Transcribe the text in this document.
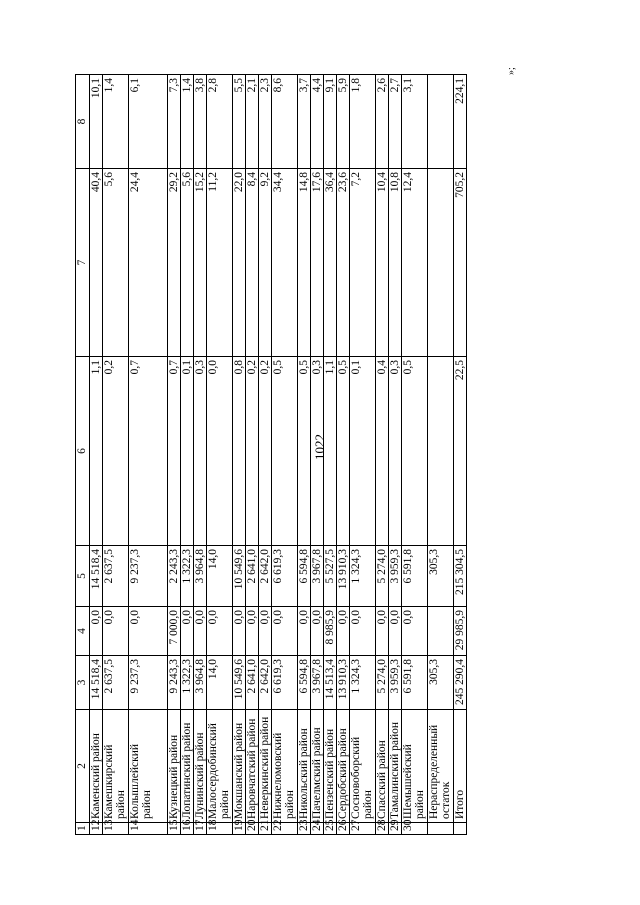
1022
1	2	3	4	5	6	7	8
12	Каменский район	14 518,4	0,0	14 518,4	1,1	40,4	10,1
13	Камешкирский район	2 637,5	0,0	2 637,5	0,2	5,6	1,4
14	Колышлейский район	9 237,3	0,0	9 237,3	0,7	24,4	6,1
15	Кузнецкий район	9 243,3	7 000,0	2 243,3	0,7	29,2	7,3
16	Лопатинский район	1 322,3	0,0	1 322,3	0,1	5,6	1,4
17	Лунинский район	3 964,8	0,0	3 964,8	0,3	15,2	3,8
18	Малосердобинский район	14,0	0,0	14,0	0,0	11,2	2,8
19	Мокшанский район	10 549,6	0,0	10 549,6	0,8	22,0	5,5
20	Наровчатский район	2 641,0	0,0	2 641,0	0,2	8,4	2,1
21	Неверкинский район	2 642,0	0,0	2 642,0	0,2	9,2	2,3
22	Нижнеломовский район	6 619,3	0,0	6 619,3	0,5	34,4	8,6
23	Никольский район	6 594,8	0,0	6 594,8	0,5	14,8	3,7
24	Пачелмский район	3 967,8	0,0	3 967,8	0,3	17,6	4,4
25	Пензенский район	14 513,4	8 985,9	5 527,5	1,1	36,4	9,1
26	Сердобский район	13 910,3	0,0	13 910,3	0,5	23,6	5,9
27	Сосновоборский район	1 324,3	0,0	1 324,3	0,1	7,2	1,8
28	Спасский район	5 274,0	0,0	5 274,0	0,4	10,4	2,6
29	Тамалинский район	3 959,3	0,0	3 959,3	0,3	10,8	2,7
30	Шемышейский район	6 591,8	0,0	6 591,8	0,5	12,4	3,1
	Нераспределенный остаток	305,3		305,3			
	Итого	245 290,4	29 985,9	215 304,5	22,5	705,2	224,1
»;
